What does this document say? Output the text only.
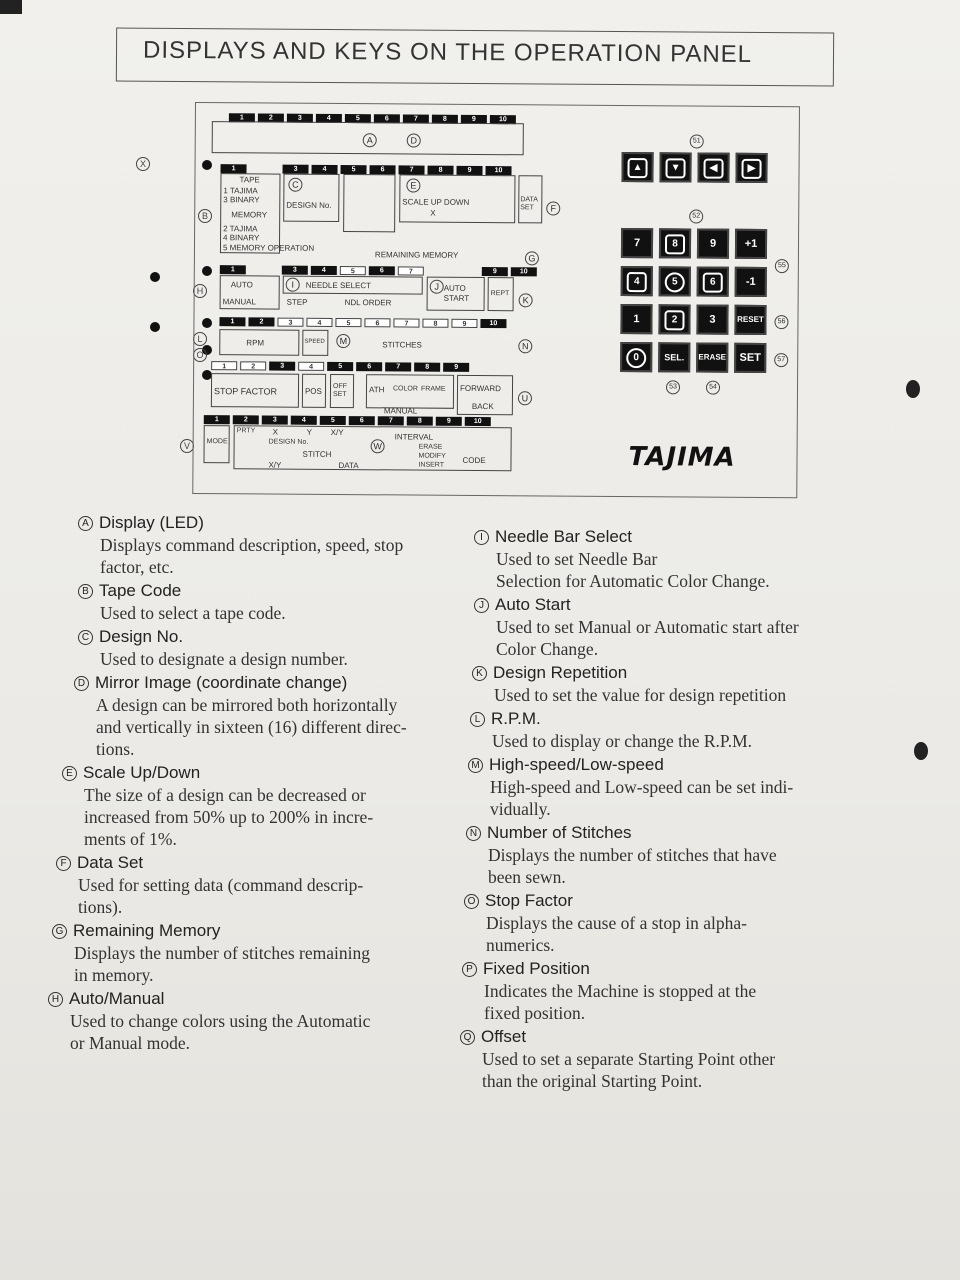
DISPLAYS AND KEYS ON THE OPERATION PANEL
X
B
H
L
O
V
1	2	3	4	5	6	7	8	9	10
A	D
1	3	4	5	6	7	8	9	10
TAPE
1 TAJIMA
3 BINARY
MEMORY
2 TAJIMA
4 BINARY
5 MEMORY OPERATION
C
DESIGN No.
E
SCALE UP DOWN
X
DATA SET	F
REMAINING MEMORY	G
1	3	4	5	6	7	9	10
AUTO
MANUAL
I	NEEDLE SELECT
STEP	NDL ORDER
J AUTO START
REPT
K
1	2	3	4	5	6	7	8	9	10
RPM	SPEED	M	STITCHES	N
1	2	3	4	5	6	7	8	9
STOP FACTOR	POS
OFF SET
ATH COLOR FRAME FORWARD
BACK
MANUAL
U
1	2	3	4	5	6	7	8	9	10
MODE
PRTY X	Y X/Y	INTERVAL
DESIGN No.	W	ERASE
STITCH	MODIFY CODE
X/Y	DATA	INSERT
51
▲	▼	◀	▶
52
7	8	9	+1
55
4	5	6	-1
1	2	3	RESET	56
0	SEL.	ERASE	SET	57
53	54
TAJIMA
A Display (LED)
Displays command description, speed, stop
factor, etc.
B Tape Code
Used to select a tape code.
C Design No.
Used to designate a design number.
D Mirror Image (coordinate change)
A design can be mirrored both horizontally
and vertically in sixteen (16) different direc-
tions.
E Scale Up/Down
The size of a design can be decreased or
increased from 50% up to 200% in incre-
ments of 1%.
F Data Set
Used for setting data (command descrip-
tions).
G Remaining Memory
Displays the number of stitches remaining
in memory.
H Auto/Manual
Used to change colors using the Automatic
or Manual mode.
I Needle Bar Select
Used to set Needle Bar
Selection for Automatic Color Change.
J Auto Start
Used to set Manual or Automatic start after
Color Change.
K Design Repetition
Used to set the value for design repetition
L R.P.M.
Used to display or change the R.P.M.
M High-speed/Low-speed
High-speed and Low-speed can be set indi-
vidually.
N Number of Stitches
Displays the number of stitches that have
been sewn.
O Stop Factor
Displays the cause of a stop in alpha-
numerics.
P Fixed Position
Indicates the Machine is stopped at the
fixed position.
Q Offset
Used to set a separate Starting Point other
than the original Starting Point.
